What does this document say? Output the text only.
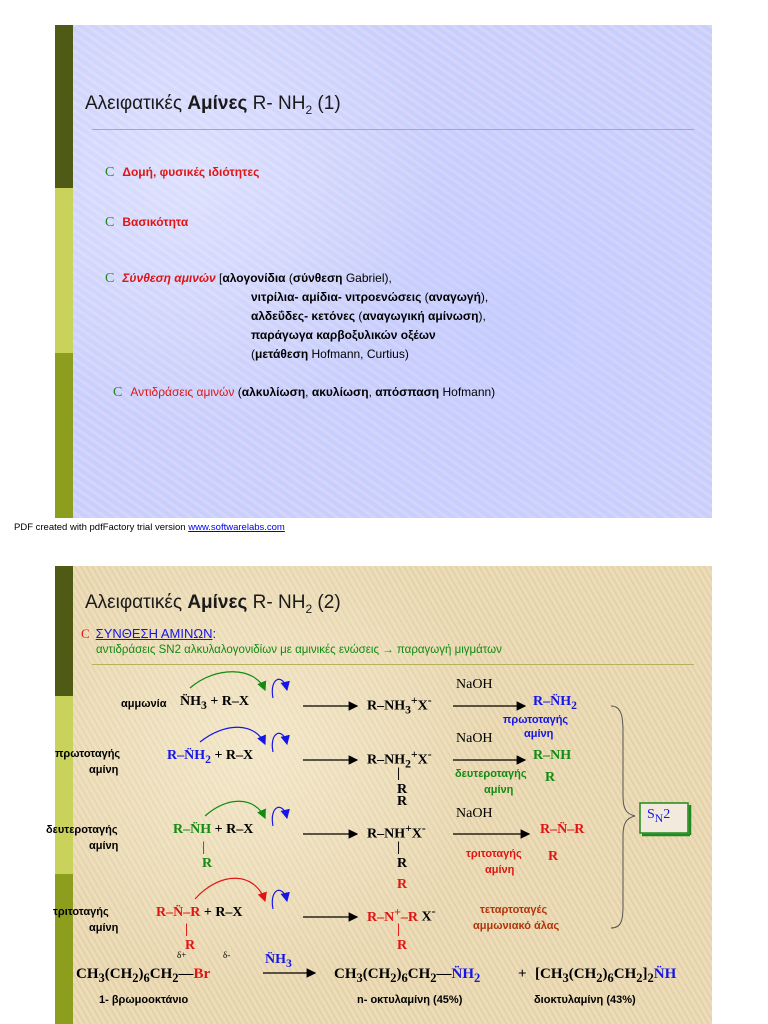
Αλειφατικές Αμίνες R- $NH_2$ (1)
C Δομή, φυσικές ιδιότητες
C Βασικότητα
C Σύνθεση αμινών [αλογονίδια (σύνθεση Gabriel),
νιτρίλια- αμίδια- νιτροενώσεις (αναγωγή),
αλδεΰδες- κετόνες (αναγωγική αμίνωση),
παράγωγα καρβοξυλικών οξέων
(μετάθεση Hofmann, Curtius)
C Αντιδράσεις αμινών (αλκυλίωση, ακυλίωση, απόσπαση Hofmann)
PDF created with pdfFactory trial version www.softwarelabs.com
Αλειφατικές Αμίνες R- $NH_2$ (2)
C ΣΥΝΘΕΣΗ ΑΜΙΝΩΝ:
αντιδράσεις SN2 αλκυλαλογονιδίων με αμινικές ενώσεις → παραγωγή μιγμάτων
αμμωνία $N̈H_3 + R-X$	$R-NH_3^+X^-$
NaOH
$R-N̈H_2$
πρωτοταγής
αμίνη
πρωτοταγής
αμίνη
$R-N̈H_2 + R-X$	$R-NH_2^+X^-$
|
R
NaOH
R–NH
δευτεροταγής R
αμίνη
R
δευτεροταγής
αμίνη
R–N̈H + R–X
|
R
R–NH+X-
|
R
NaOH
R–N̈–R
τριτοταγής R
αμίνη
R
τριτοταγής
αμίνη
R–N̈–R + R–X
|
R
R–N+–R X-
|
R
τεταρτοταγές
αμμωνιακό άλας
$S_N2$
δ+	δ-
$CH_3(CH_2)_6CH_2—Br$
$N̈H_3$
$CH_3(CH_2)_6CH_2—N̈H_2$	+ $[CH_3(CH_2)_6CH_2]_2N̈H$
1- βρωμοοκτάνιο	n- οκτυλαμίνη (45%)	διοκτυλαμίνη (43%)
